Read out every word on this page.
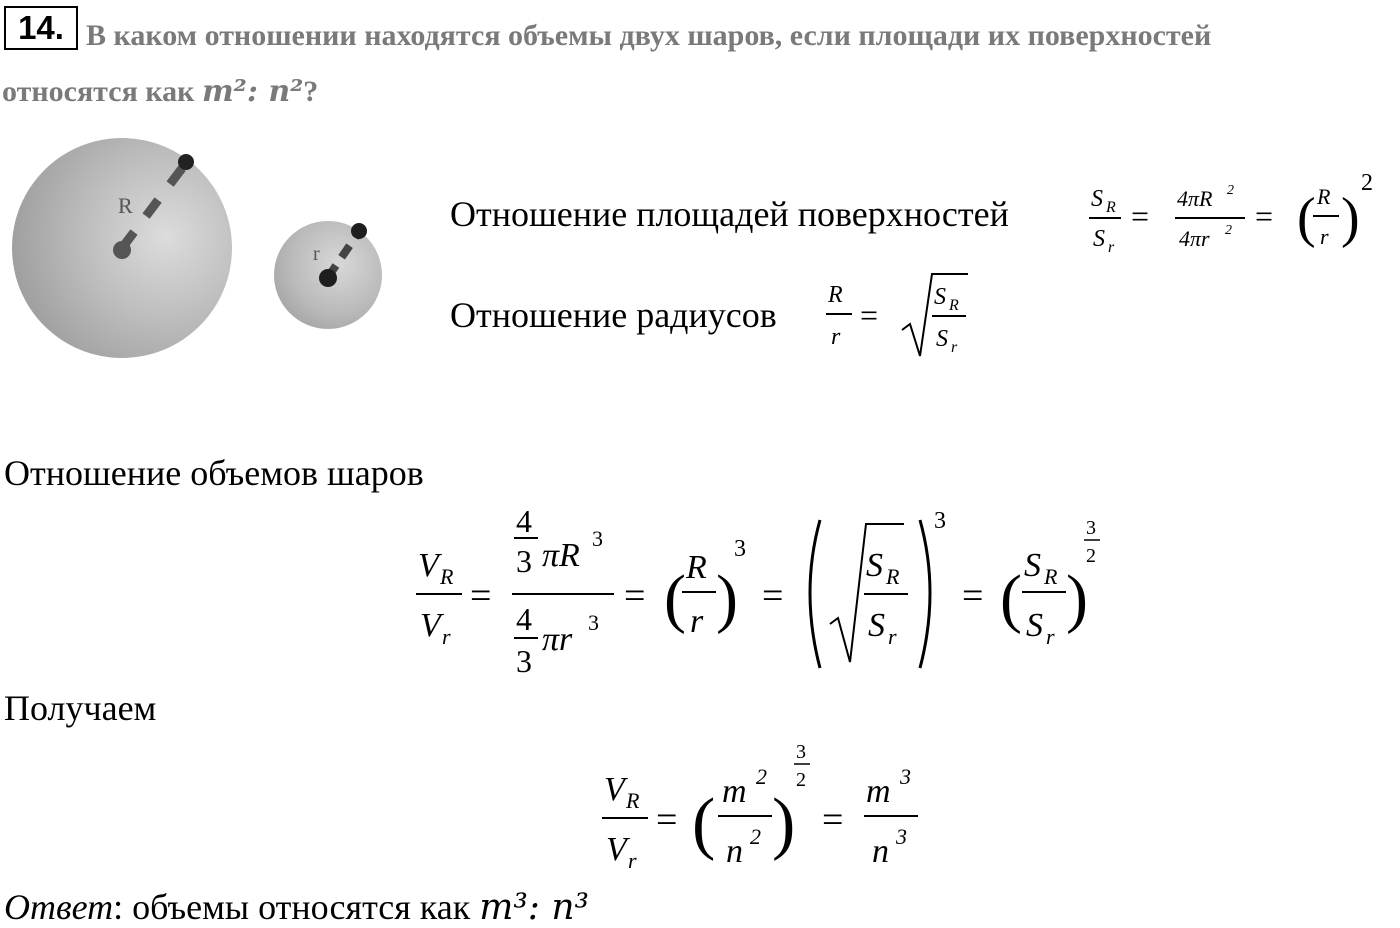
14. В каком отношении находятся объемы двух шаров, если площади их поверхностей
относятся как m²: n²?
R
r
Отношение площадей поверхностей	S R
S r
= 4πR 2
4πr 2 = ( R
r )
2
Отношение радиусов R
r
= S R
S r
Отношение объемов шаров
V R
V r
=
4
3 πR 3
4
3
πr 3
= ( R
r )
3
=
S R
S r
3
= ( S R
S r
)
3
2
Получаем
V R
V r
= ( m 2
n 2 )
3
2
=
m 3
n 3
Ответ: объемы относятся как m³: n³
